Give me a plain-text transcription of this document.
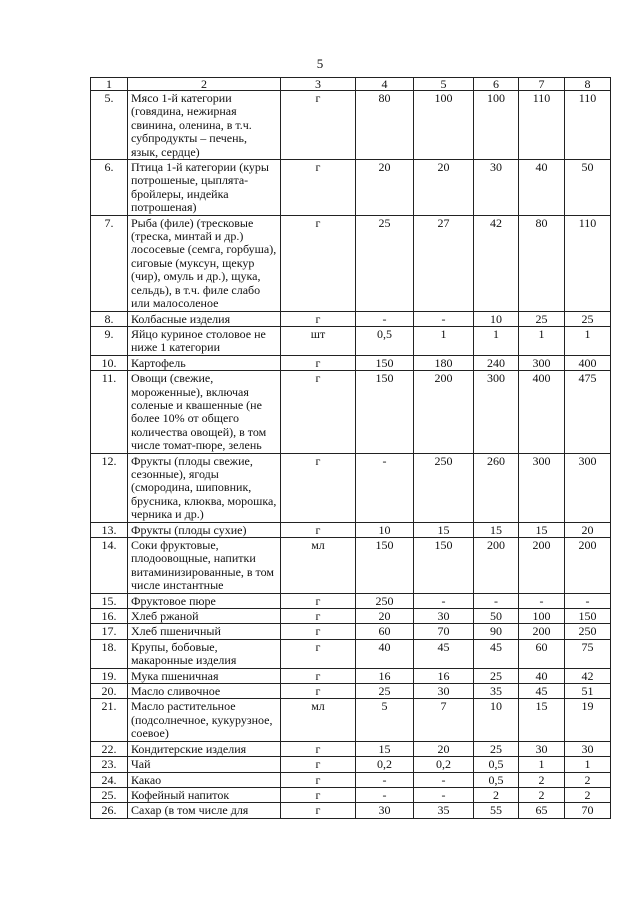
5
1	2	3	4	5	6	7	8
5.	Мясо 1-й категории (говядина, нежирная свинина, оленина, в т.ч. субпродукты – печень, язык, сердце)	г	80	100	100	110	110
6.	Птица 1-й категории (куры потрошеные, цыплята-бройлеры, индейка потрошеная)	г	20	20	30	40	50
7.	Рыба (филе) (тресковые (треска, минтай и др.) лососевые (семга, горбуша), сиговые (муксун, щекур (чир), омуль и др.), щука, сельдь), в т.ч. филе слабо или малосоленое	г	25	27	42	80	110
8.	Колбасные изделия	г	-	-	10	25	25
9.	Яйцо куриное столовое не ниже 1 категории	шт	0,5	1	1	1	1
10.	Картофель	г	150	180	240	300	400
11.	Овощи (свежие, мороженные), включая соленые и квашенные (не более 10% от общего количества овощей), в том числе томат-пюре, зелень	г	150	200	300	400	475
12.	Фрукты (плоды свежие, сезонные), ягоды (смородина, шиповник, брусника, клюква, морошка, черника и др.)	г	-	250	260	300	300
13.	Фрукты (плоды сухие)	г	10	15	15	15	20
14.	Соки фруктовые, плодоовощные, напитки витаминизированные, в том числе инстантные	мл	150	150	200	200	200
15.	Фруктовое пюре	г	250	-	-	-	-
16.	Хлеб ржаной	г	20	30	50	100	150
17.	Хлеб пшеничный	г	60	70	90	200	250
18.	Крупы, бобовые, макаронные изделия	г	40	45	45	60	75
19.	Мука пшеничная	г	16	16	25	40	42
20.	Масло сливочное	г	25	30	35	45	51
21.	Масло растительное (подсолнечное, кукурузное, соевое)	мл	5	7	10	15	19
22.	Кондитерские изделия	г	15	20	25	30	30
23.	Чай	г	0,2	0,2	0,5	1	1
24.	Какао	г	-	-	0,5	2	2
25.	Кофейный напиток	г	-	-	2	2	2
26.	Сахар (в том числе для	г	30	35	55	65	70
